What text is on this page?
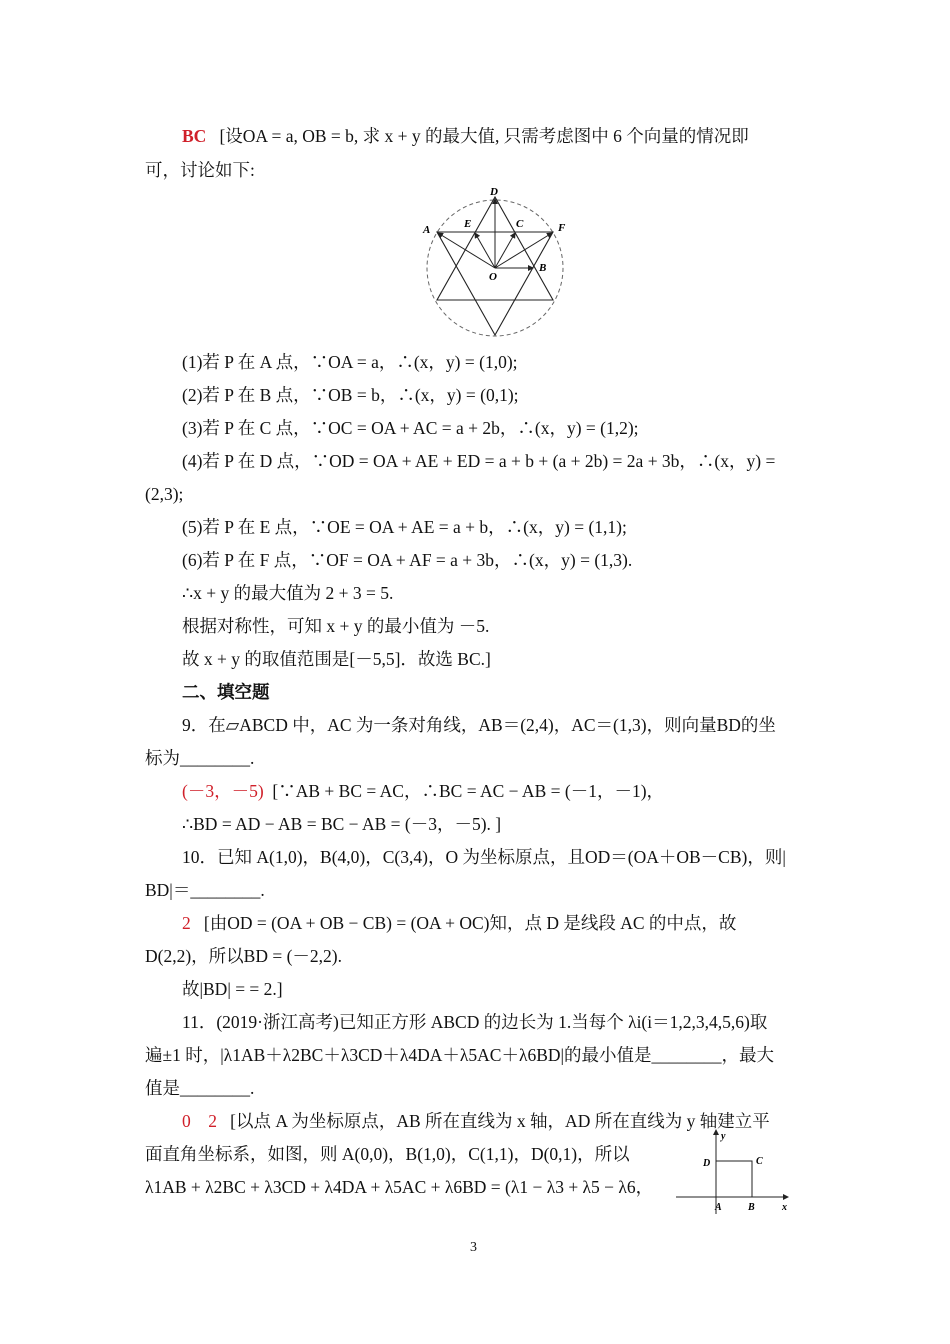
BC [设OA = a, OB = b, 求 x + y 的最大值, 只需考虑图中 6 个向量的情况即
可，讨论如下:
D
A	F
E	C
O
B
(1)若 P 在 A 点，∵OA = a，∴(x，y) = (1,0);
(2)若 P 在 B 点，∵OB = b，∴(x，y) = (0,1);
(3)若 P 在 C 点，∵OC = OA + AC = a + 2b，∴(x，y) = (1,2);
(4)若 P 在 D 点，∵OD = OA + AE + ED = a + b + (a + 2b) = 2a + 3b，∴(x，y) =
(2,3);
(5)若 P 在 E 点，∵OE = OA + AE = a + b，∴(x，y) = (1,1);
(6)若 P 在 F 点，∵OF = OA + AF = a + 3b，∴(x，y) = (1,3).
∴x + y 的最大值为 2 + 3 = 5.
根据对称性，可知 x + y 的最小值为 －5.
故 x + y 的取值范围是[－5,5]．故选 BC.]
二、填空题
9．在▱ABCD 中，AC 为一条对角线，AB＝(2,4)，AC＝(1,3)，则向量BD的坐
标为________.
(－3，－5) [∵AB + BC = AC，∴BC = AC − AB = (－1，－1)，
∴BD = AD − AB = BC − AB = (－3，－5). ]
10．已知 A(1,0)，B(4,0)，C(3,4)，O 为坐标原点，且OD＝(OA＋OB－CB)，则|
BD|＝________.
2 [由OD = (OA + OB − CB) = (OA + OC)知，点 D 是线段 AC 的中点，故
D(2,2)，所以BD = (－2,2).
故|BD| = = 2.]
11．(2019·浙江高考)已知正方形 ABCD 的边长为 1.当每个 λi(i＝1,2,3,4,5,6)取
遍±1 时，|λ1AB＋λ2BC＋λ3CD＋λ4DA＋λ5AC＋λ6BD|的最小值是________，最大
值是________.
0　2 [以点 A 为坐标原点，AB 所在直线为 x 轴，AD 所在直线为 y 轴建立平
面直角坐标系，如图，则 A(0,0)，B(1,0)，C(1,1)，D(0,1)，所以
λ1AB + λ2BC + λ3CD + λ4DA + λ5AC + λ6BD = (λ1 − λ3 + λ5 − λ6，
y
D	C
A	B	x
3
